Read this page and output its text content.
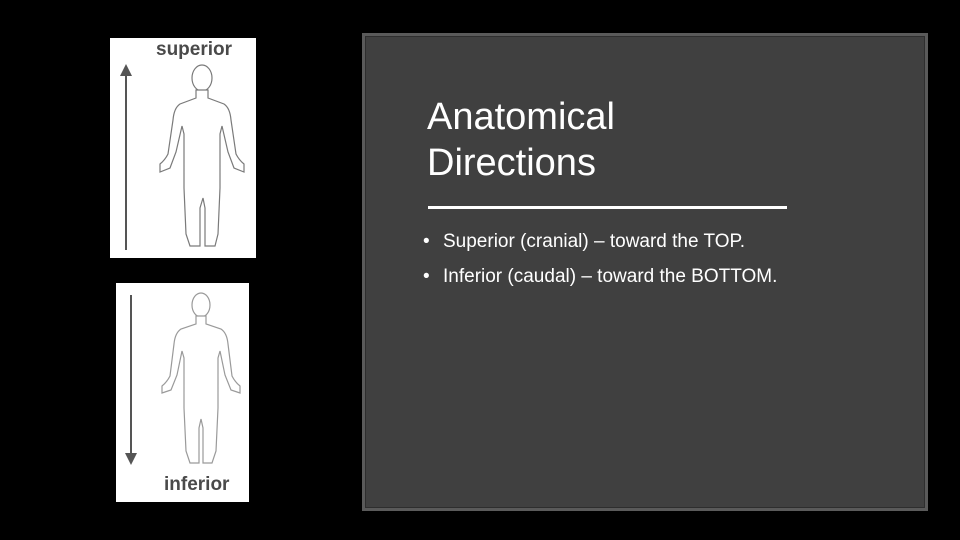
superior
inferior
Anatomical
Directions
• Superior (cranial) – toward the TOP.
• Inferior (caudal) – toward the BOTTOM.
